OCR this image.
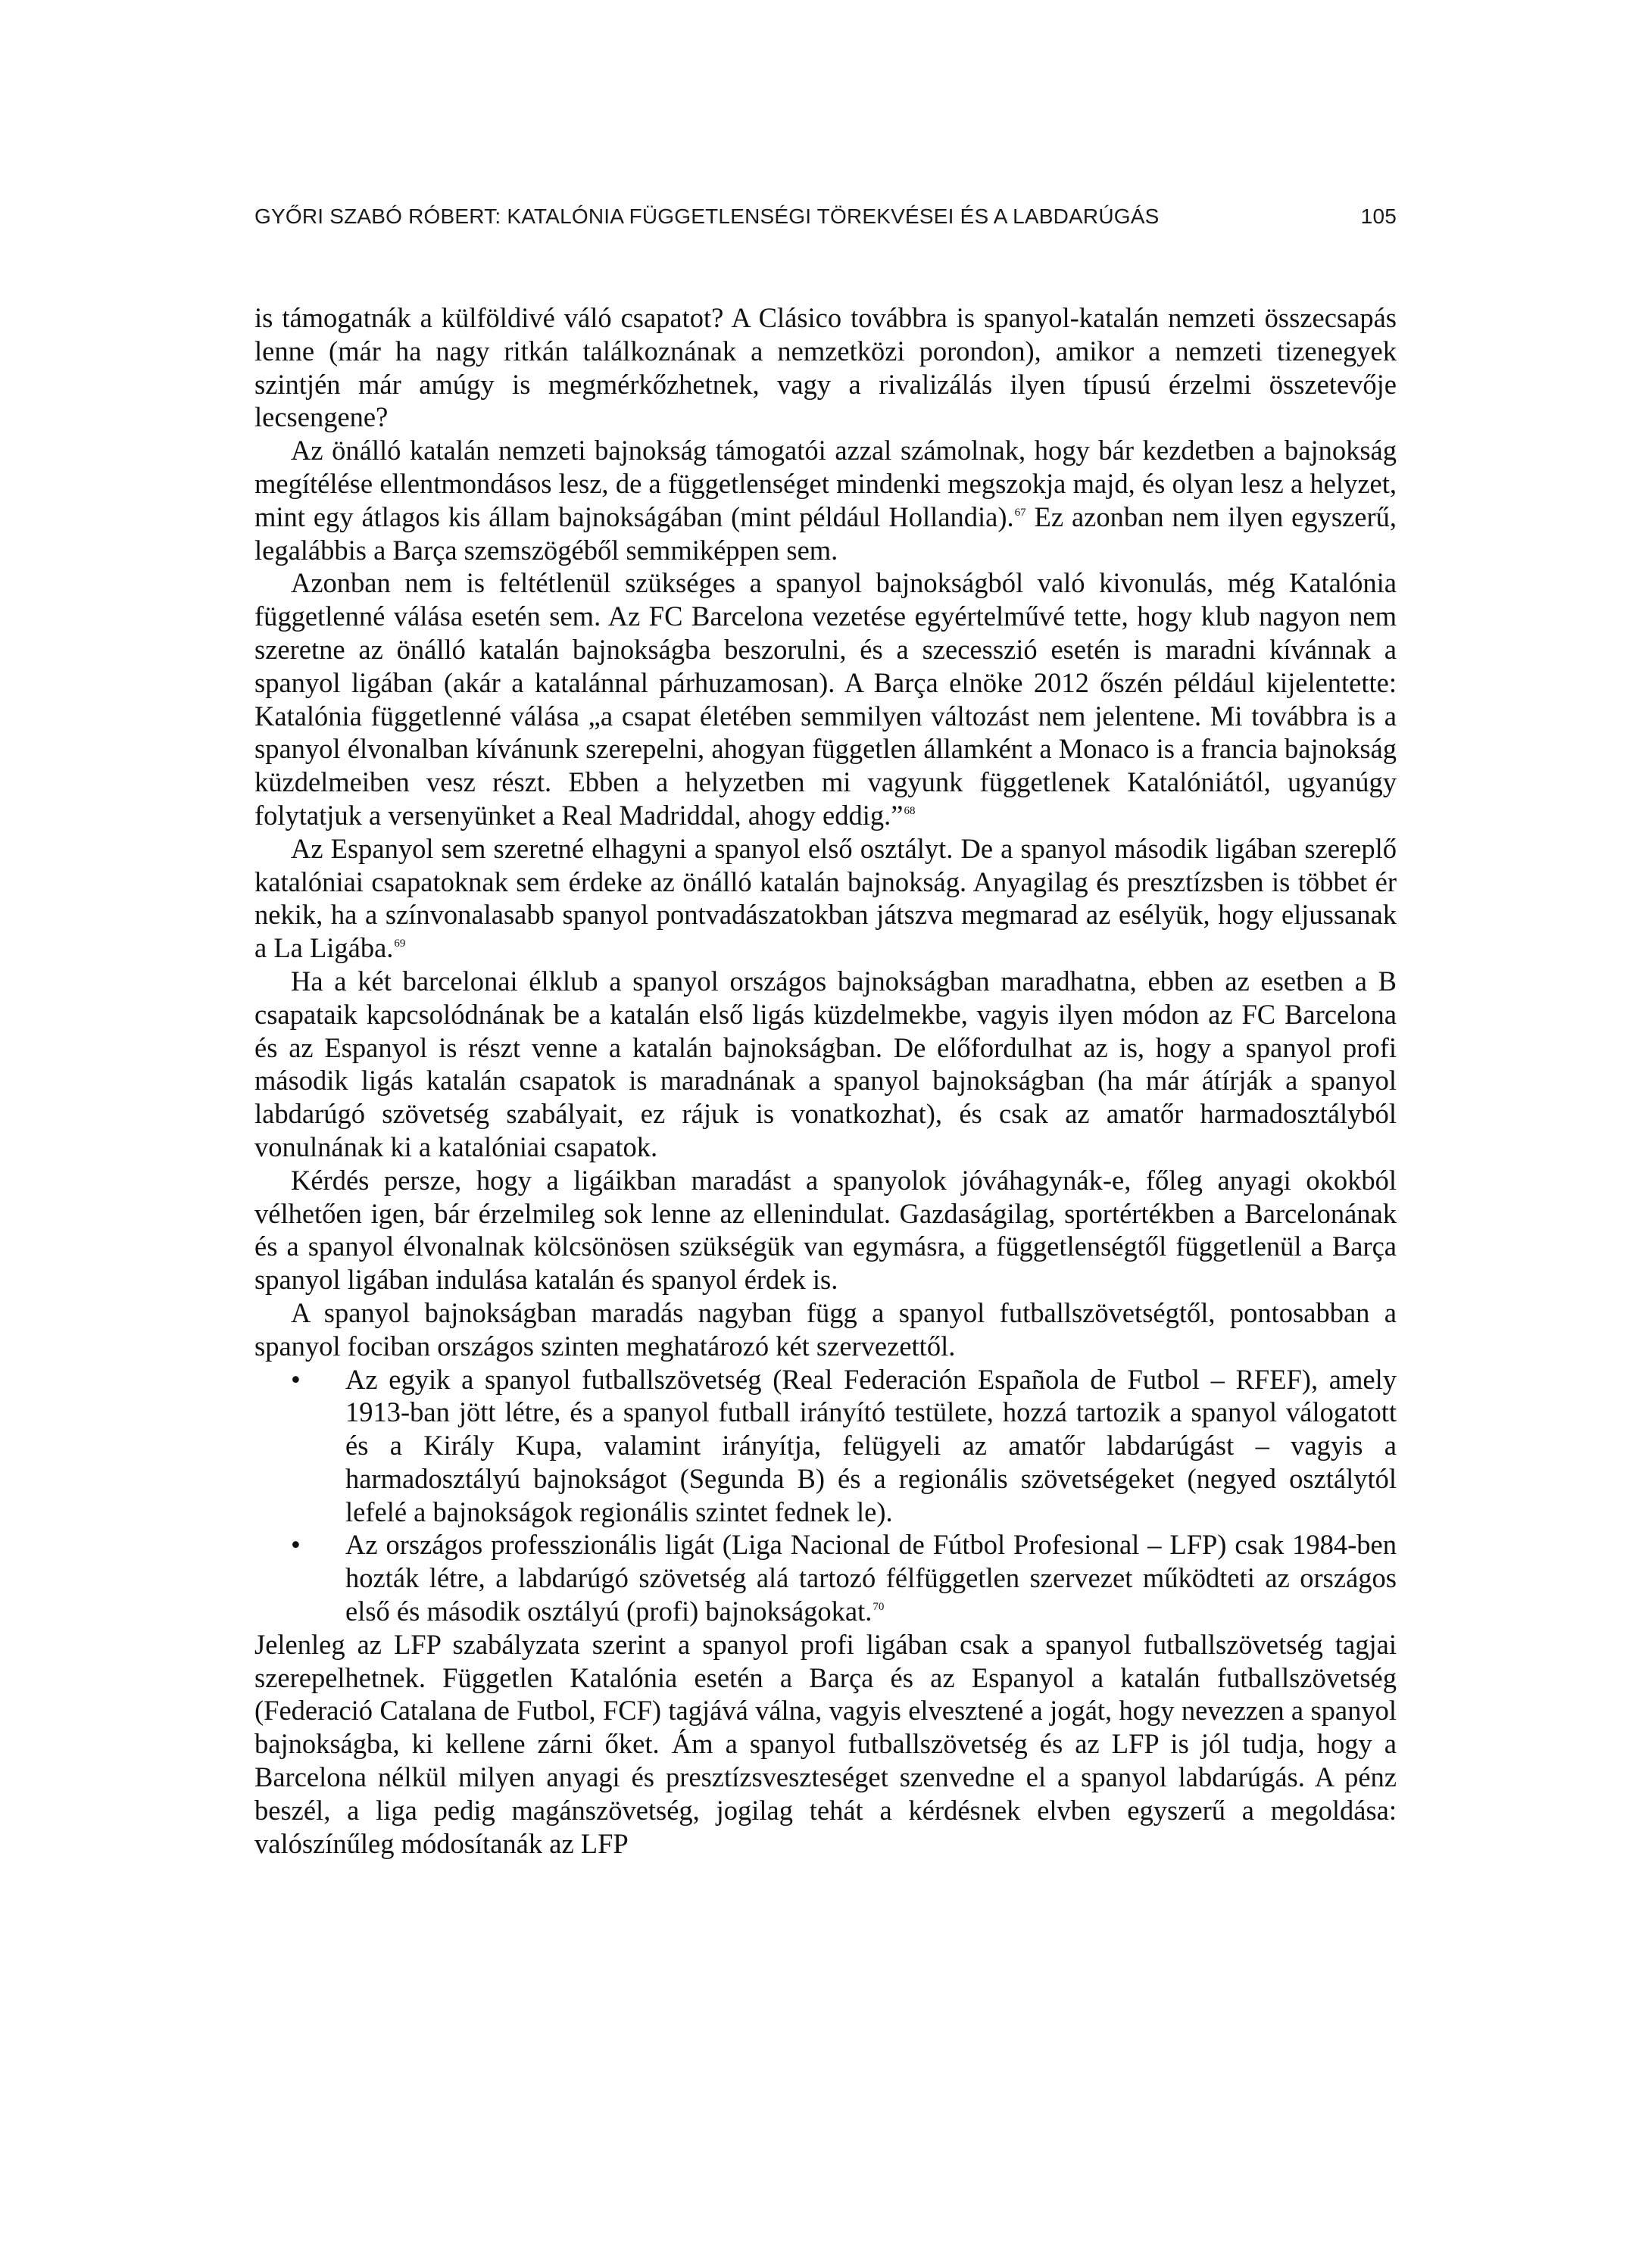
GYŐRI SZABÓ RÓBERT: KATALÓNIA FÜGGETLENSÉGI TÖREKVÉSEI ÉS A LABDARÚGÁS	105

is támogatnák a külföldivé váló csapatot? A Clásico továbbra is spanyol-katalán nemzeti összecsapás lenne (már ha nagy ritkán találkoznának a nemzetközi porondon), amikor a nemzeti tizenegyek szintjén már amúgy is megmérkőzhetnek, vagy a rivalizálás ilyen típusú érzelmi összetevője lecsengene?

Az önálló katalán nemzeti bajnokság támogatói azzal számolnak, hogy bár kezdetben a bajnokság megítélése ellentmondásos lesz, de a függetlenséget mindenki megszokja majd, és olyan lesz a helyzet, mint egy átlagos kis állam bajnokságában (mint például Hollandia).$^{67}$ Ez azonban nem ilyen egyszerű, legalábbis a Barça szemszögéből semmiképpen sem.

Azonban nem is feltétlenül szükséges a spanyol bajnokságból való kivonulás, még Katalónia függetlenné válása esetén sem. Az FC Barcelona vezetése egyértelművé tette, hogy klub nagyon nem szeretne az önálló katalán bajnokságba beszorulni, és a szecesszió esetén is maradni kívánnak a spanyol ligában (akár a katalánnal párhuzamosan). A Barça elnöke 2012 őszén például kijelentette: Katalónia függetlenné válása „a csapat életében semmilyen változást nem jelentene. Mi továbbra is a spanyol élvonalban kívánunk szerepelni, ahogyan független államként a Monaco is a francia bajnokság küzdelmeiben vesz részt. Ebben a helyzetben mi vagyunk függetlenek Katalóniától, ugyanúgy folytatjuk a versenyünket a Real Madriddal, ahogy eddig.”$^{68}$

Az Espanyol sem szeretné elhagyni a spanyol első osztályt. De a spanyol második ligában szereplő katalóniai csapatoknak sem érdeke az önálló katalán bajnokság. Anyagilag és presztízsben is többet ér nekik, ha a színvonalasabb spanyol pontvadászatokban játszva megmarad az esélyük, hogy eljussanak a La Ligába.$^{69}$

Ha a két barcelonai élklub a spanyol országos bajnokságban maradhatna, ebben az esetben a B csapataik kapcsolódnának be a katalán első ligás küzdelmekbe, vagyis ilyen módon az FC Barcelona és az Espanyol is részt venne a katalán bajnokságban. De előfordulhat az is, hogy a spanyol profi második ligás katalán csapatok is maradnának a spanyol bajnokságban (ha már átírják a spanyol labdarúgó szövetség szabályait, ez rájuk is vonatkozhat), és csak az amatőr harmadosztályból vonulnának ki a katalóniai csapatok.

Kérdés persze, hogy a ligáikban maradást a spanyolok jóváhagynák-e, főleg anyagi okokból vélhetően igen, bár érzelmileg sok lenne az ellenindulat. Gazdaságilag, sportértékben a Barcelonának és a spanyol élvonalnak kölcsönösen szükségük van egymásra, a függetlenségtől függetlenül a Barça spanyol ligában indulása katalán és spanyol érdek is.

A spanyol bajnokságban maradás nagyban függ a spanyol futballszövetségtől, pontosabban a spanyol fociban országos szinten meghatározó két szervezettől.

• Az egyik a spanyol futballszövetség (Real Federación Española de Futbol – RFEF), amely 1913-ban jött létre, és a spanyol futball irányító testülete, hozzá tartozik a spanyol válogatott és a Király Kupa, valamint irányítja, felügyeli az amatőr labdarúgást – vagyis a harmadosztályú bajnokságot (Segunda B) és a regionális szövetségeket (negyed osztálytól lefelé a bajnokságok regionális szintet fednek le).
• Az országos professzionális ligát (Liga Nacional de Fútbol Profesional – LFP) csak 1984-ben hozták létre, a labdarúgó szövetség alá tartozó félfüggetlen szervezet működteti az országos első és második osztályú (profi) bajnokságokat.$^{70}$

Jelenleg az LFP szabályzata szerint a spanyol profi ligában csak a spanyol futballszövetség tagjai szerepelhetnek. Független Katalónia esetén a Barça és az Espanyol a katalán futballszövetség (Federació Catalana de Futbol, FCF) tagjává válna, vagyis elvesztené a jogát, hogy nevezzen a spanyol bajnokságba, ki kellene zárni őket. Ám a spanyol futballszövetség és az LFP is jól tudja, hogy a Barcelona nélkül milyen anyagi és presztízsveszteséget szenvedne el a spanyol labdarúgás. A pénz beszél, a liga pedig magánszövetség, jogilag tehát a kérdésnek elvben egyszerű a megoldása: valószínűleg módosítanák az LFP
